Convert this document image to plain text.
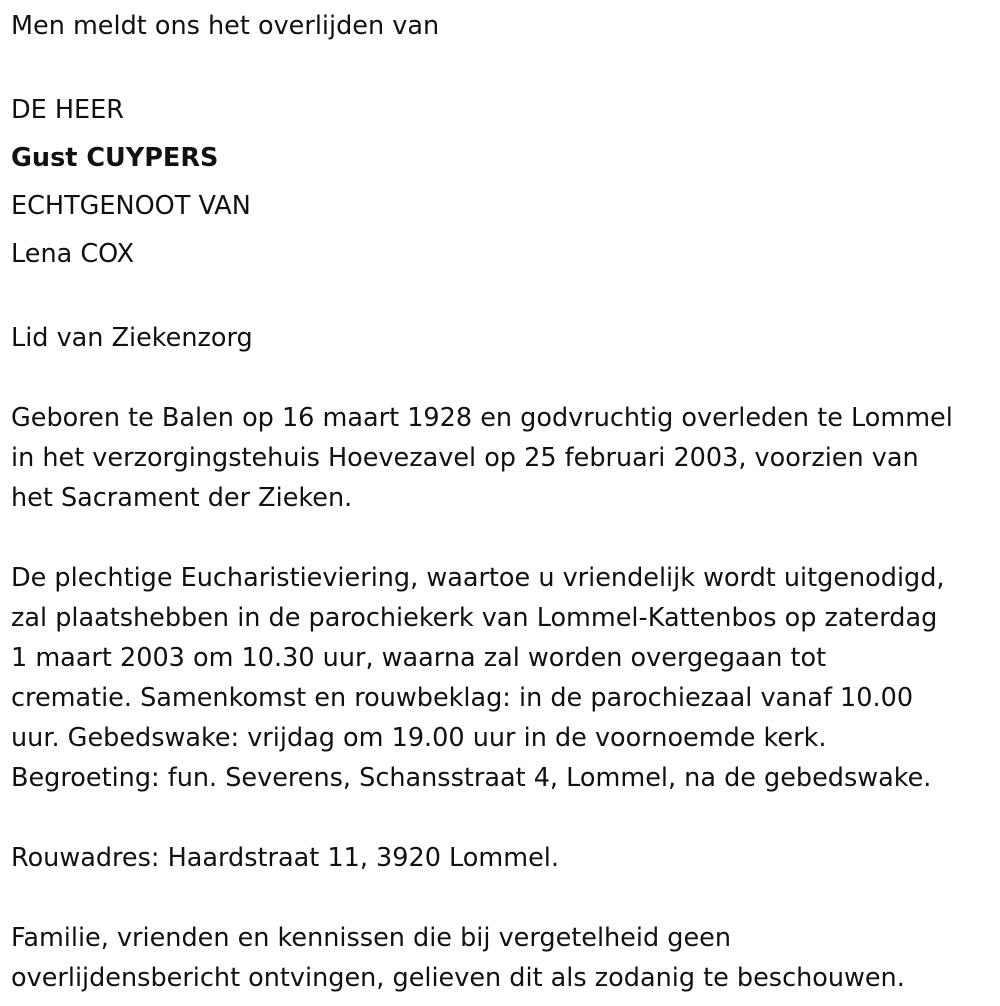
Men meldt ons het overlijden van

DE HEER

Gust CUYPERS

ECHTGENOOT VAN

Lena COX

Lid van Ziekenzorg

Geboren te Balen op 16 maart 1928 en godvruchtig overleden te Lommel

in het verzorgingstehuis Hoevezavel op 25 februari 2003, voorzien van

het Sacrament der Zieken.

De plechtige Eucharistieviering, waartoe u vriendelijk wordt uitgenodigd,

zal plaatshebben in de parochiekerk van Lommel-Kattenbos op zaterdag

1 maart 2003 om 10.30 uur, waarna zal worden overgegaan tot

crematie. Samenkomst en rouwbeklag: in de parochiezaal vanaf 10.00

uur. Gebedswake: vrijdag om 19.00 uur in de voornoemde kerk.

Begroeting: fun. Severens, Schansstraat 4, Lommel, na de gebedswake.

Rouwadres: Haardstraat 11, 3920 Lommel.

Familie, vrienden en kennissen die bij vergetelheid geen

overlijdensbericht ontvingen, gelieven dit als zodanig te beschouwen.
